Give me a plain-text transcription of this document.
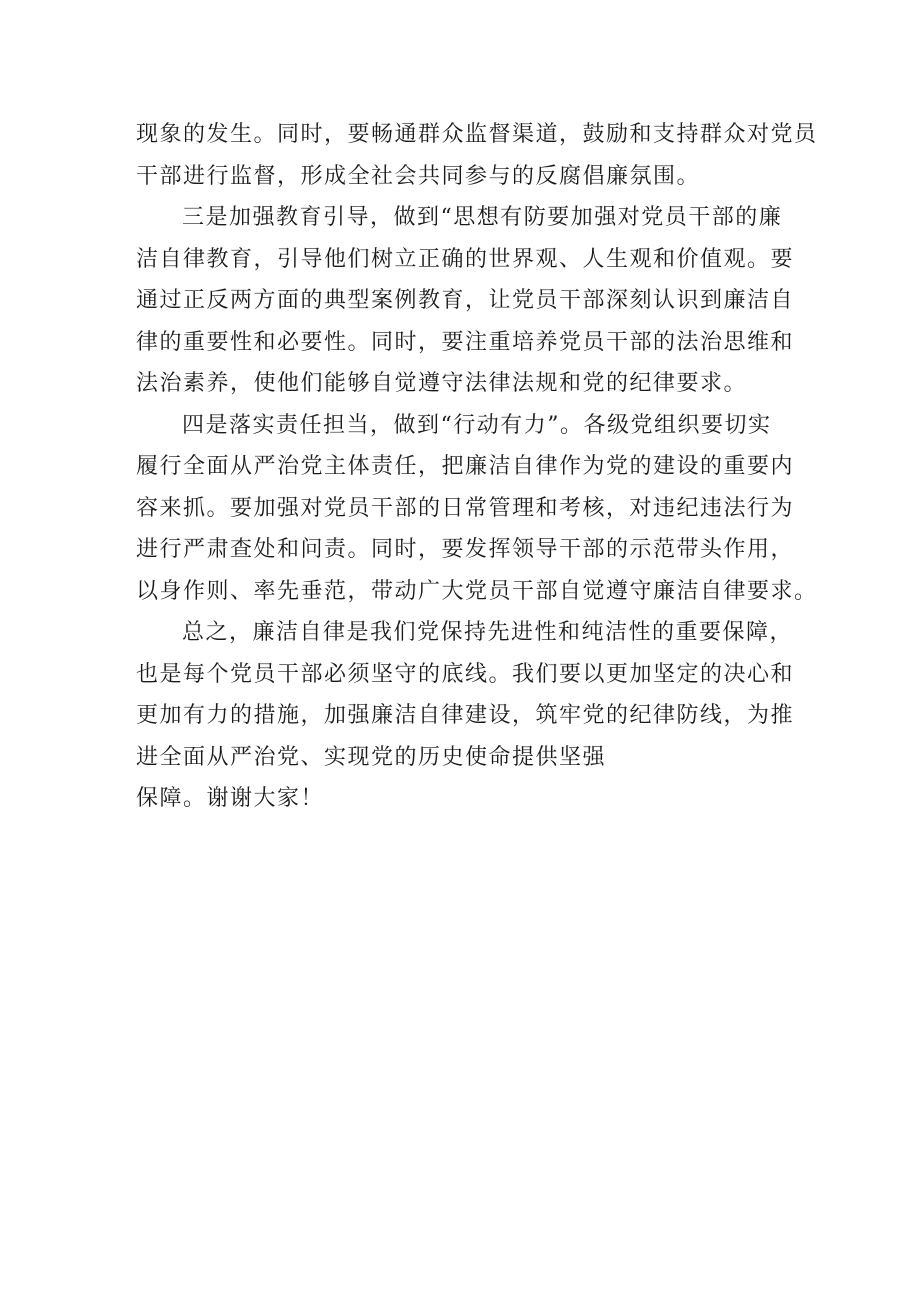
现象的发生。同时，要畅通群众监督渠道，鼓励和支持群众对党员
干部进行监督，形成全社会共同参与的反腐倡廉氛围。
三是加强教育引导，做到“思想有防要加强对党员干部的廉
洁自律教育，引导他们树立正确的世界观、人生观和价值观。要
通过正反两方面的典型案例教育，让党员干部深刻认识到廉洁自
律的重要性和必要性。同时，要注重培养党员干部的法治思维和
法治素养，使他们能够自觉遵守法律法规和党的纪律要求。
四是落实责任担当，做到“行动有力”。各级党组织要切实
履行全面从严治党主体责任，把廉洁自律作为党的建设的重要内
容来抓。要加强对党员干部的日常管理和考核，对违纪违法行为
进行严肃查处和问责。同时，要发挥领导干部的示范带头作用，
以身作则、率先垂范，带动广大党员干部自觉遵守廉洁自律要求。
总之，廉洁自律是我们党保持先进性和纯洁性的重要保障，
也是每个党员干部必须坚守的底线。我们要以更加坚定的决心和
更加有力的措施，加强廉洁自律建设，筑牢党的纪律防线，为推
进全面从严治党、实现党的历史使命提供坚强
保障。谢谢大家！
